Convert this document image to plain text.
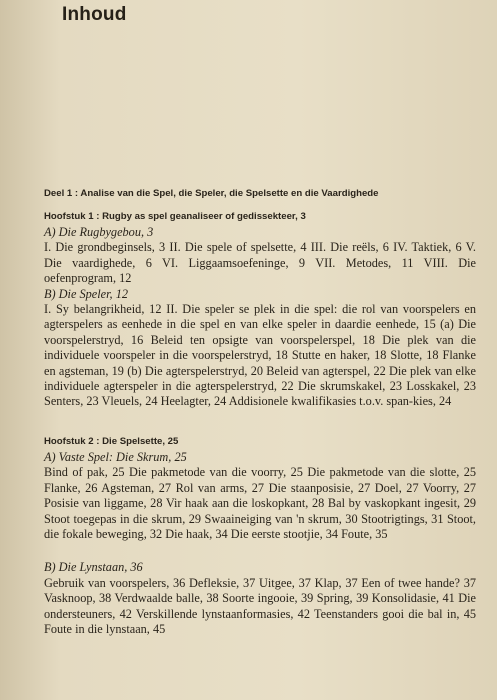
Inhoud
Deel 1 : Analise van die Spel, die Speler, die Spelsette en die Vaardighede
Hoofstuk 1 : Rugby as spel geanaliseer of gedissekteer, 3
A) Die Rugbygebou, 3
I. Die grondbeginsels, 3 II. Die spele of spelsette, 4 III. Die reëls, 6 IV. Taktiek, 6 V. Die vaardighede, 6 VI. Liggaamsoefeninge, 9 VII. Metodes, 11 VIII. Die oefenprogram, 12
B) Die Speler, 12
I. Sy belangrikheid, 12 II. Die speler se plek in die spel: die rol van voorspelers en agterspelers as eenhede in die spel en van elke speler in daardie eenhede, 15 (a) Die voorspelerstryd, 16 Beleid ten opsigte van voorspelerspel, 18 Die plek van die individuele voorspeler in die voorspelerstryd, 18 Stutte en haker, 18 Slotte, 18 Flanke en agsteman, 19 (b) Die agterspelerstryd, 20 Beleid van agterspel, 22 Die plek van elke individuele agterspeler in die agterspelerstryd, 22 Die skrumskakel, 23 Losskakel, 23 Senters, 23 Vleuels, 24 Heelagter, 24 Addisionele kwalifikasies t.o.v. span-kies, 24
Hoofstuk 2 : Die Spelsette, 25
A) Vaste Spel: Die Skrum, 25
Bind of pak, 25 Die pakmetode van die voorry, 25 Die pakmetode van die slotte, 25 Flanke, 26 Agsteman, 27 Rol van arms, 27 Die staanposisie, 27 Doel, 27 Voorry, 27 Posisie van liggame, 28 Vir haak aan die loskopkant, 28 Bal by vaskopkant ingesit, 29 Stoot toegepas in die skrum, 29 Swaaineiging van 'n skrum, 30 Stootrigtings, 31 Stoot, die fokale beweging, 32 Die haak, 34 Die eerste stootjie, 34 Foute, 35
B) Die Lynstaan, 36
Gebruik van voorspelers, 36 Defleksie, 37 Uitgee, 37 Klap, 37 Een of twee hande? 37 Vasknoop, 38 Verdwaalde balle, 38 Soorte ingooie, 39 Spring, 39 Konsolidasie, 41 Die ondersteuners, 42 Verskillende lynstaanformasies, 42 Teenstanders gooi die bal in, 45 Foute in die lynstaan, 45
